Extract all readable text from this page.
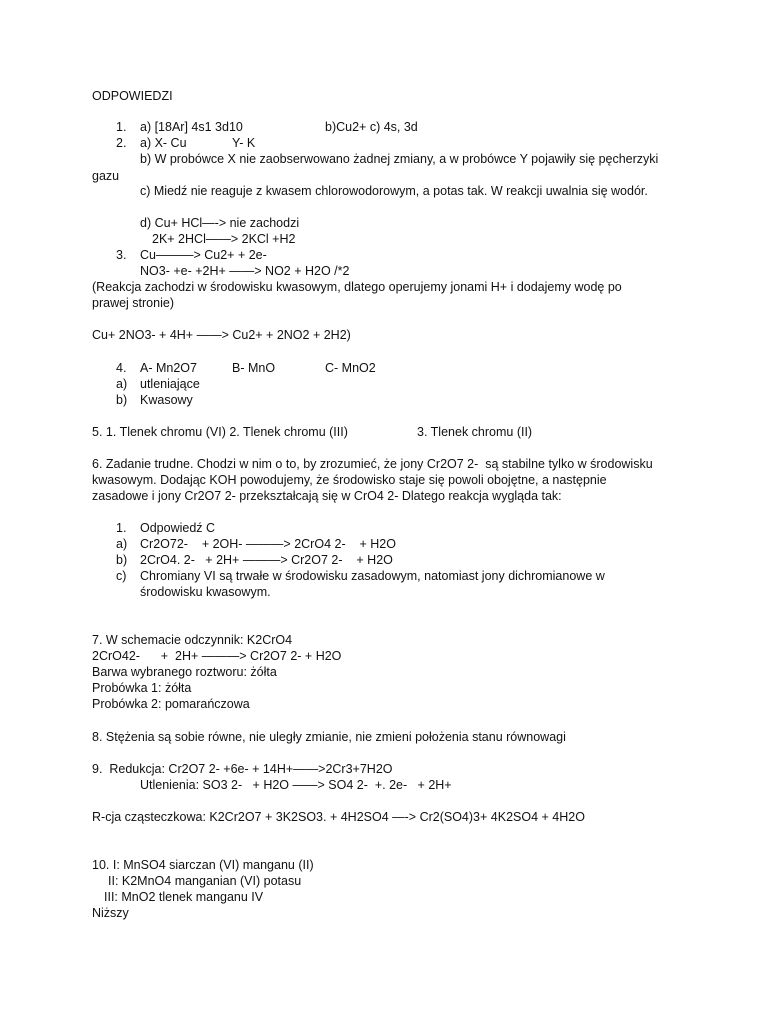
ODPOWIEDZI

1. a) [18Ar] 4s1 3d10	b)Cu2+ c) 4s, 3d

2. a) X- Cu	Y- K

b) W probówce X nie zaobserwowano żadnej zmiany, a w probówce Y pojawiły się pęcherzyki

gazu

c) Miedź nie reaguje z kwasem chlorowodorowym, a potas tak. W reakcji uwalnia się wodór.

d) Cu+ HCl—-> nie zachodzi

2K+ 2HCl——> 2KCl +H2

3. Cu———> Cu2+ + 2e-

NO3- +e- +2H+ ——> NO2 + H2O /*2

(Reakcja zachodzi w środowisku kwasowym, dlatego operujemy jonami H+ i dodajemy wodę po

prawej stronie)

Cu+ 2NO3- + 4H+ ——> Cu2+ + 2NO2 + 2H2)

4. A- Mn2O7	B- MnO	C- MnO2

a) utleniające

b) Kwasowy

5. 1. Tlenek chromu (VI) 2. Tlenek chromu (III)	3. Tlenek chromu (II)

6. Zadanie trudne. Chodzi w nim o to, by zrozumieć, że jony Cr2O7 2-  są stabilne tylko w środowisku

kwasowym. Dodając KOH powodujemy, że środowisko staje się powoli obojętne, a następnie

zasadowe i jony Cr2O7 2- przekształcają się w CrO4 2- Dlatego reakcja wygląda tak:

1. Odpowiedź C

a) Cr2O72-    + 2OH- ———> 2CrO4 2-    + H2O

b) 2CrO4. 2-   + 2H+ ———> Cr2O7 2-    + H2O

c) Chromiany VI są trwałe w środowisku zasadowym, natomiast jony dichromianowe w

środowisku kwasowym.

7. W schemacie odczynnik: K2CrO4

2CrO42-      +  2H+ ———> Cr2O7 2- + H2O

Barwa wybranego roztworu: żółta

Probówka 1: żółta

Probówka 2: pomarańczowa

8. Stężenia są sobie równe, nie uległy zmianie, nie zmieni położenia stanu równowagi

9.  Redukcja: Cr2O7 2- +6e- + 14H+——>2Cr3+7H2O

Utlenienia: SO3 2-   + H2O ——> SO4 2-  +. 2e-   + 2H+

R-cja cząsteczkowa: K2Cr2O7 + 3K2SO3. + 4H2SO4 —-> Cr2(SO4)3+ 4K2SO4 + 4H2O

10. I: MnSO4 siarczan (VI) manganu (II)

II: K2MnO4 manganian (VI) potasu

III: MnO2 tlenek manganu IV

Niższy
